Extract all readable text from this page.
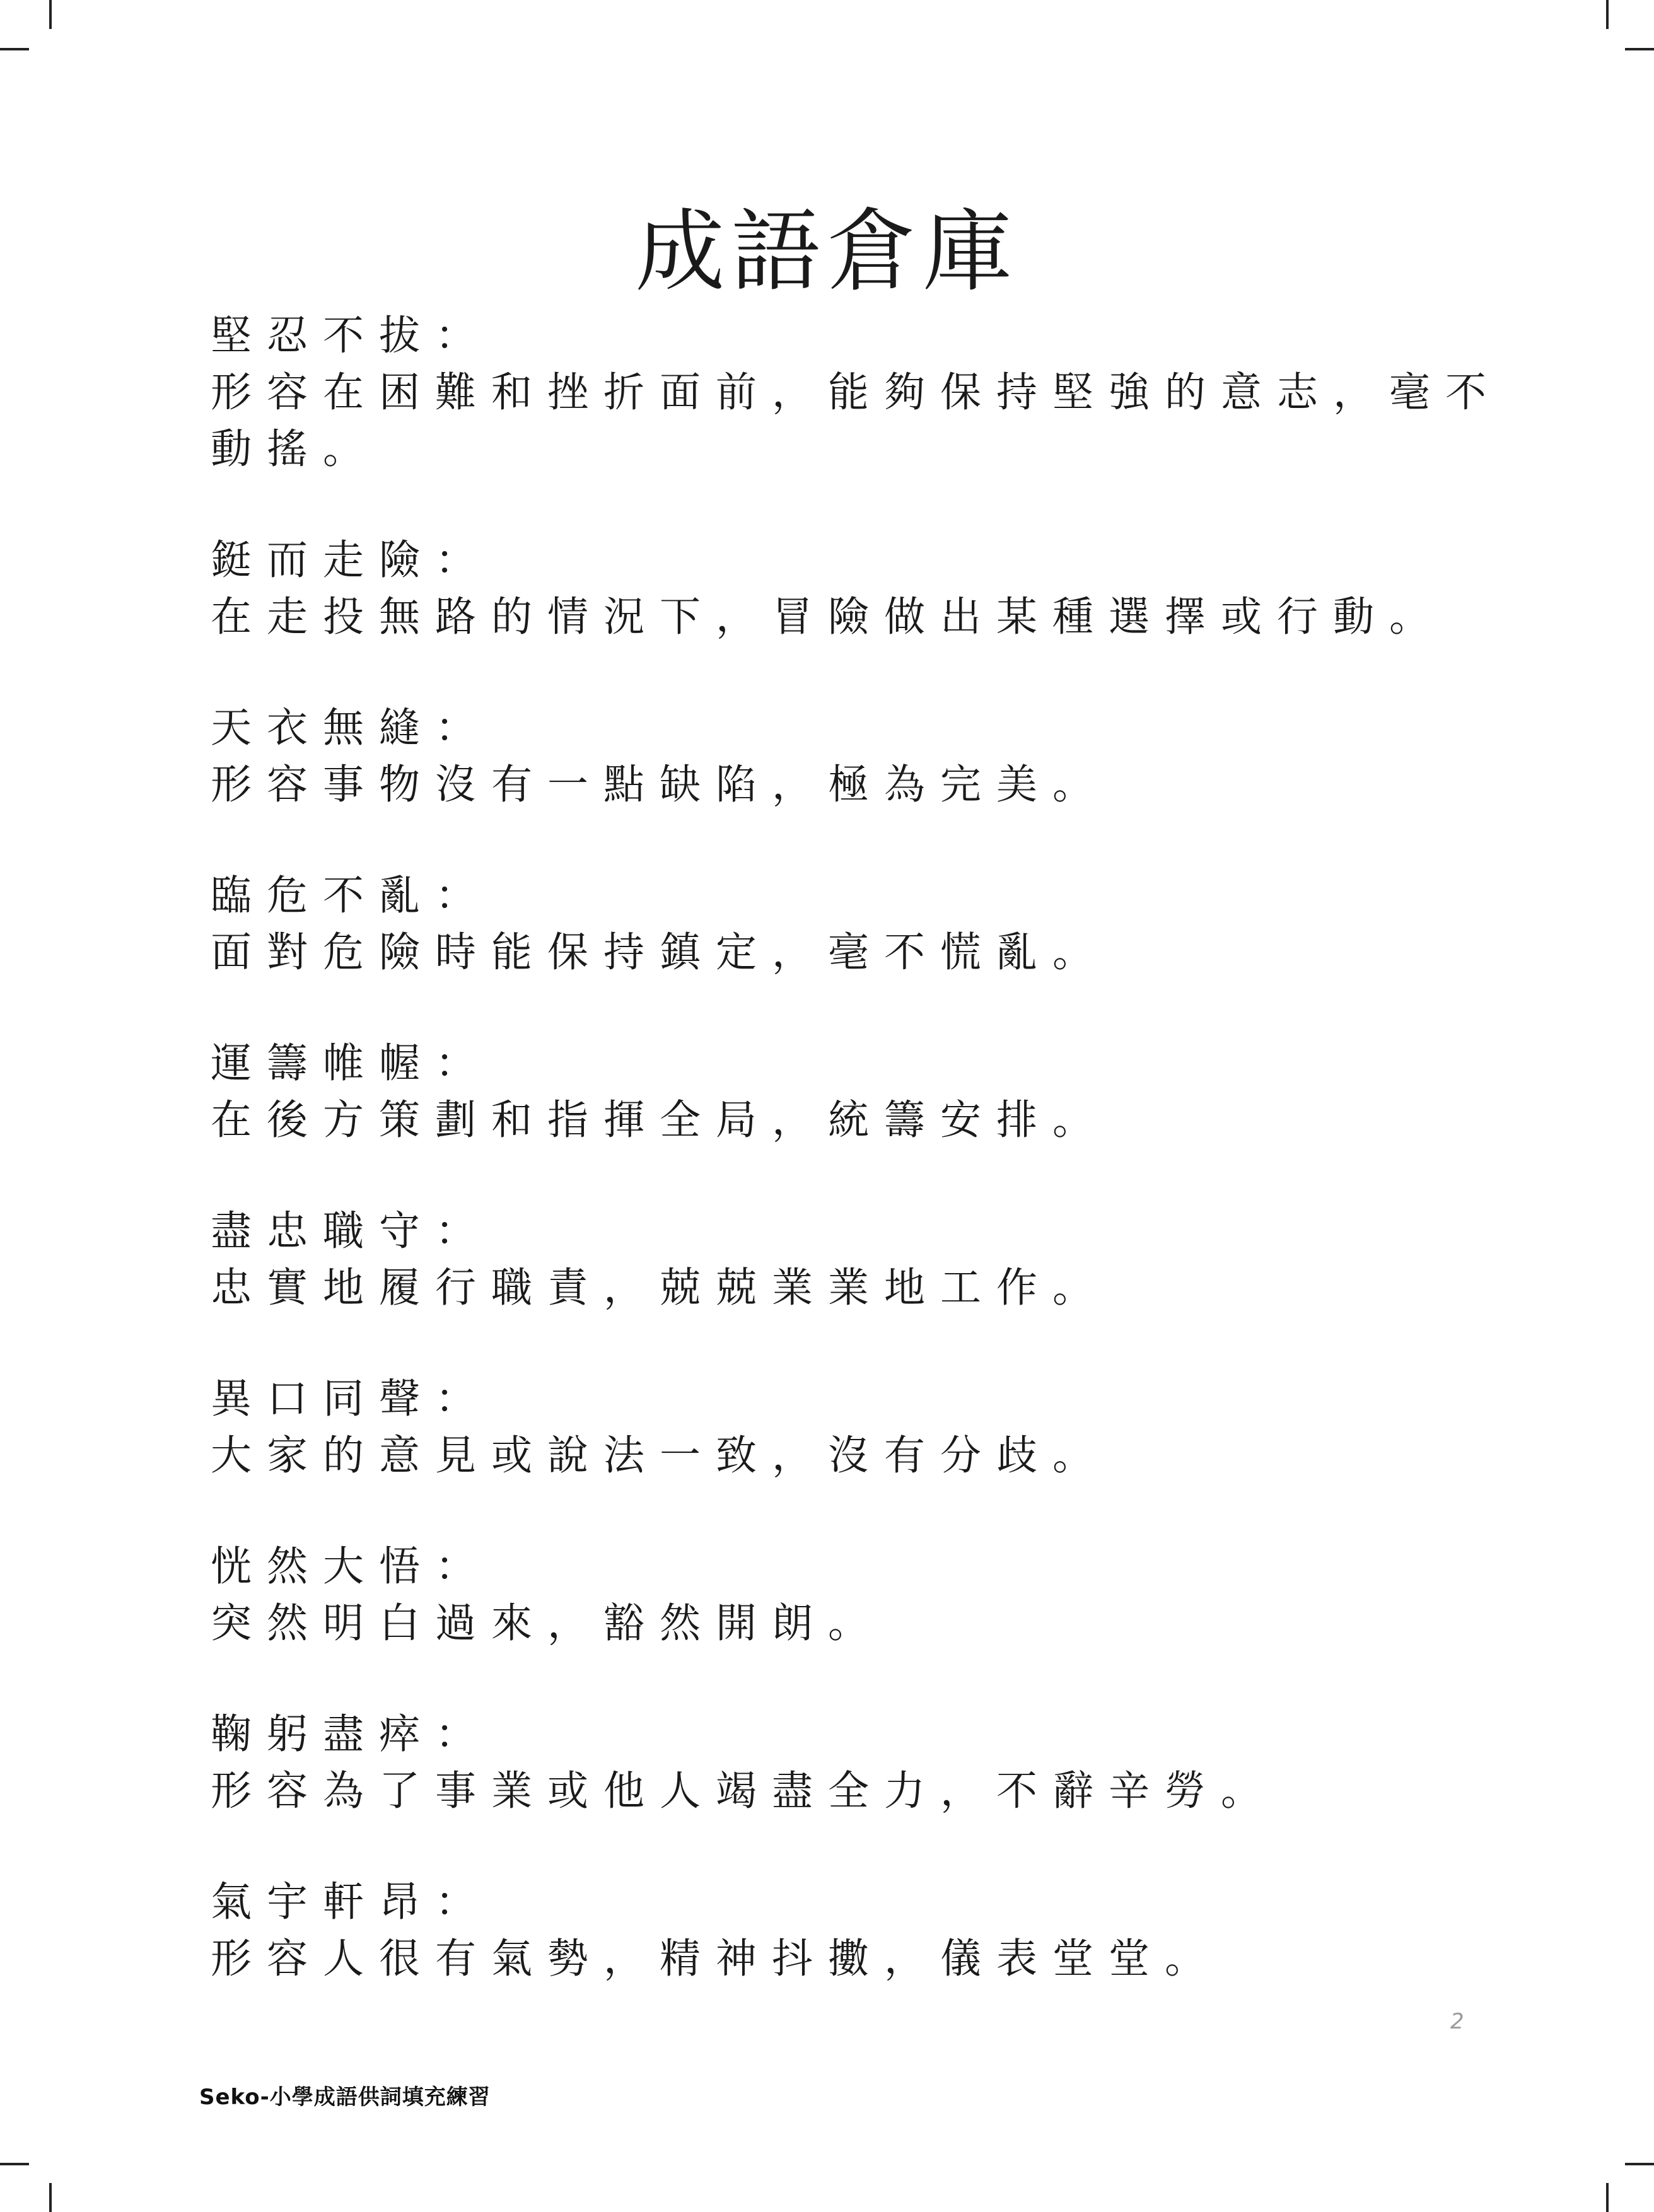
成語倉庫
堅忍不拔：
形容在困難和挫折面前，能夠保持堅強的意志，毫不動搖。
鋌而走險：
在走投無路的情況下，冒險做出某種選擇或行動。
天衣無縫：
形容事物沒有一點缺陷，極為完美。
臨危不亂：
面對危險時能保持鎮定，毫不慌亂。
運籌帷幄：
在後方策劃和指揮全局，統籌安排。
盡忠職守：
忠實地履行職責，兢兢業業地工作。
異口同聲：
大家的意見或說法一致，沒有分歧。
恍然大悟：
突然明白過來，豁然開朗。
鞠躬盡瘁：
形容為了事業或他人竭盡全力，不辭辛勞。
氣宇軒昂：
形容人很有氣勢，精神抖擻，儀表堂堂。
2
Seko-小學成語供詞填充練習
